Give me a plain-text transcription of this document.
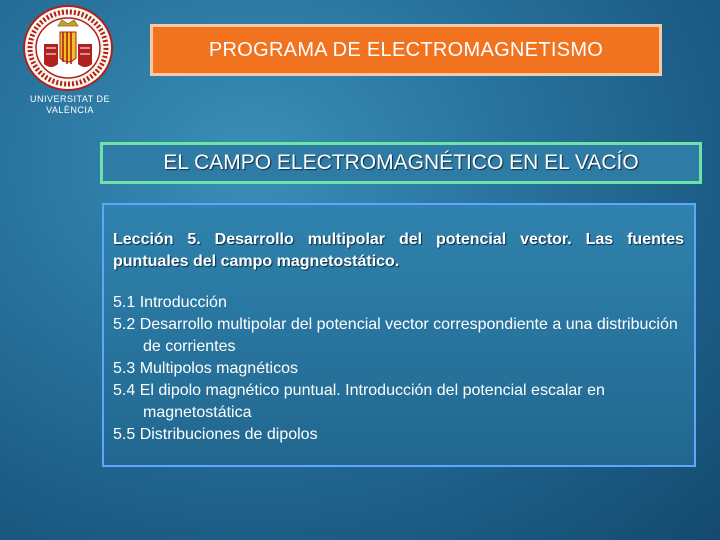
UNIVERSITAT DE VALÈNCIA
PROGRAMA DE ELECTROMAGNETISMO
EL CAMPO ELECTROMAGNÉTICO EN EL VACÍO
Lección 5. Desarrollo multipolar del potencial vector. Las fuentes puntuales del campo magnetostático.
5.1 Introducción
5.2 Desarrollo multipolar del potencial vector correspondiente a una distribución de corrientes
5.3 Multipolos magnéticos
5.4 El dipolo magnético puntual. Introducción del potencial escalar en magnetostática
5.5 Distribuciones de dipolos
